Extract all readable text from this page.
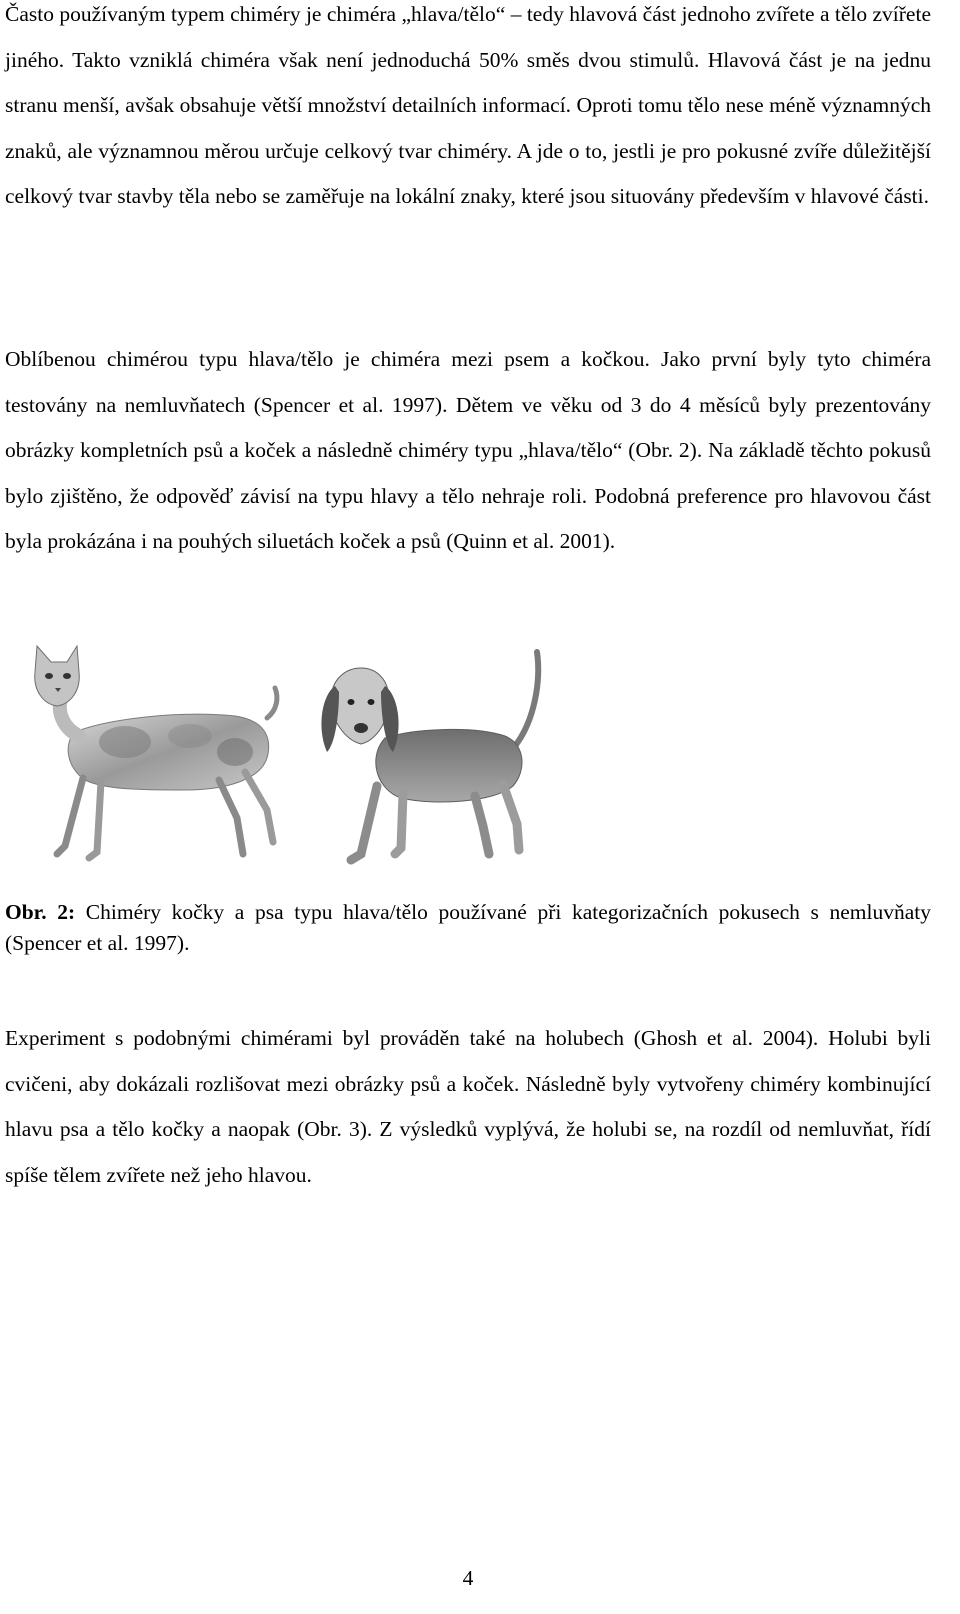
Často používaným typem chiméry je chiméra „hlava/tělo“ – tedy hlavová část jednoho zvířete a tělo zvířete jiného. Takto vzniklá chiméra však není jednoduchá 50% směs dvou stimulů. Hlavová část je na jednu stranu menší, avšak obsahuje větší množství detailních informací. Oproti tomu tělo nese méně významných znaků, ale významnou měrou určuje celkový tvar chiméry. A jde o to, jestli je pro pokusné zvíře důležitější celkový tvar stavby těla nebo se zaměřuje na lokální znaky, které jsou situovány především v hlavové části.

Oblíbenou chimérou typu hlava/tělo je chiméra mezi psem a kočkou. Jako první byly tyto chiméra testovány na nemluvňatech (Spencer et al. 1997). Dětem ve věku od 3 do 4 měsíců byly prezentovány obrázky kompletních psů a koček a následně chiméry typu „hlava/tělo“ (Obr. 2). Na základě těchto pokusů bylo zjištěno, že odpověď závisí na typu hlavy a tělo nehraje roli. Podobná preference pro hlavovou část byla prokázána i na pouhých siluetách koček a psů (Quinn et al. 2001).

Obr. 2: Chiméry kočky a psa typu hlava/tělo používané při kategorizačních pokusech s nemluvňaty (Spencer et al. 1997).

Experiment s podobnými chimérami byl prováděn také na holubech (Ghosh et al. 2004). Holubi byli cvičeni, aby dokázali rozlišovat mezi obrázky psů a koček. Následně byly vytvořeny chiméry kombinující hlavu psa a tělo kočky a naopak (Obr. 3). Z výsledků vyplývá, že holubi se, na rozdíl od nemluvňat, řídí spíše tělem zvířete než jeho hlavou.

4
